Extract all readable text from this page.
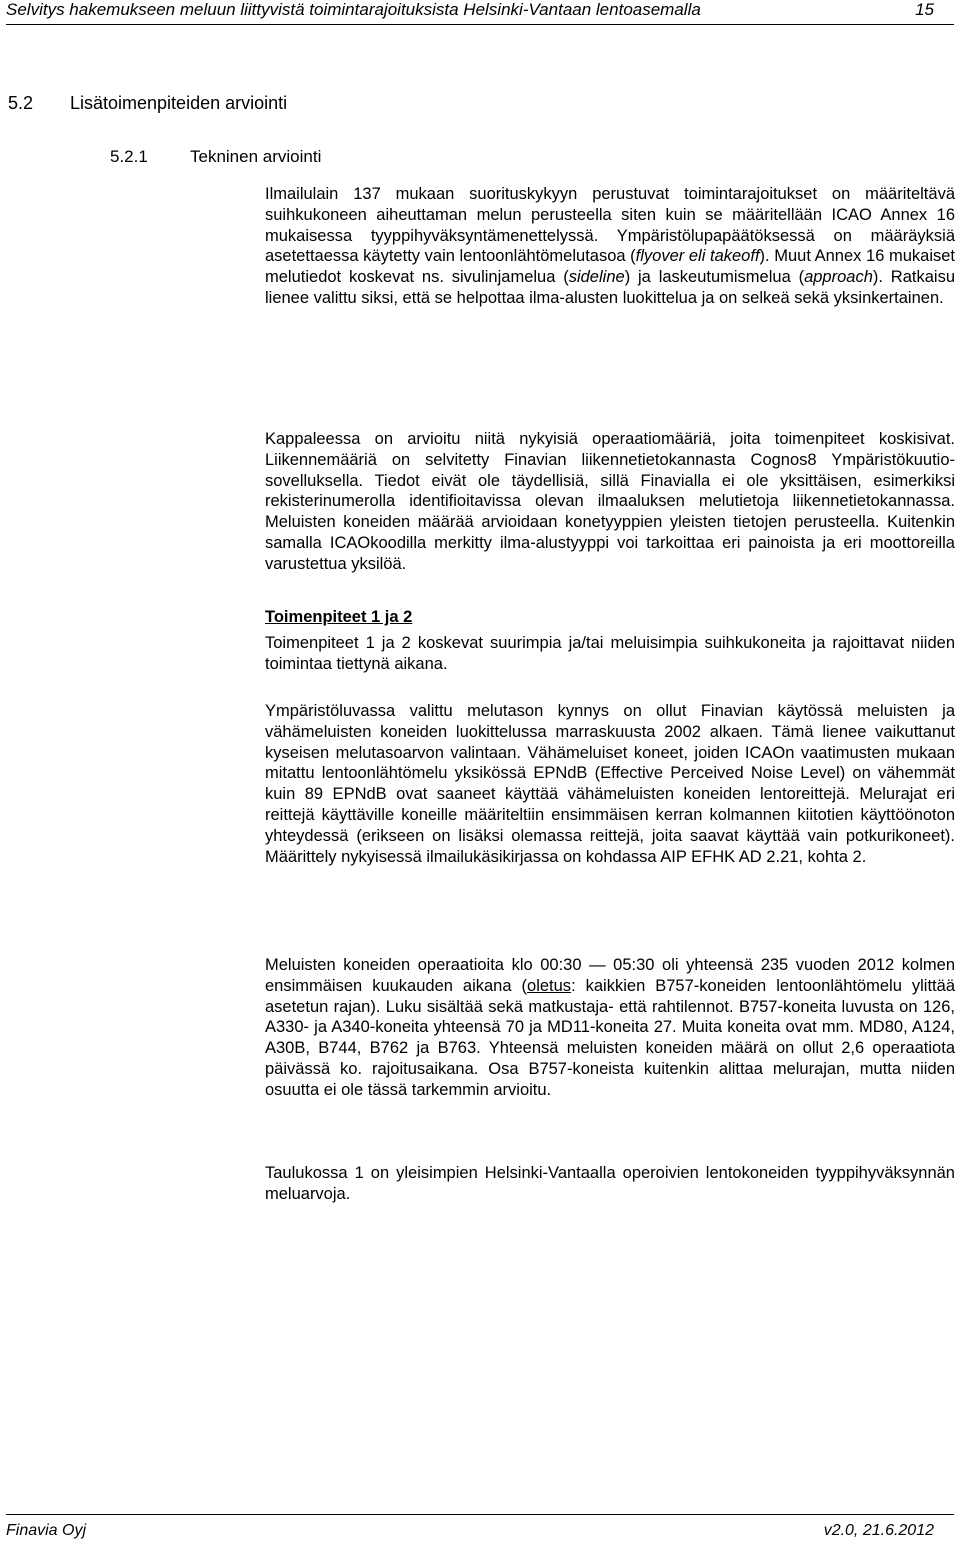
Selvitys hakemukseen meluun liittyvistä toimintarajoituksista Helsinki-Vantaan lentoasemalla	15
5.2 Lisätoimenpiteiden arviointi
5.2.1 Tekninen arviointi

Ilmailulain 137 mukaan suorituskykyyn perustuvat toimintarajoitukset on määriteltävä suihkukoneen aiheuttaman melun perusteella siten kuin se määritellään ICAO Annex 16 mukaisessa tyyppihyväksyntämenettelyssä. Ympäristölupapäätöksessä on määräyksiä asetettaessa käytetty vain lentoonlähtömelutasoa (flyover eli takeoff). Muut Annex 16 mukaiset melutiedot koskevat ns. sivulinjamelua (sideline) ja laskeutumismelua (approach). Ratkaisu lienee valittu siksi, että se helpottaa ilma-alusten luokittelua ja on selkeä sekä yksinkertainen.

Kappaleessa on arvioitu niitä nykyisiä operaatiomääriä, joita toimenpiteet koskisivat. Liikennemääriä on selvitetty Finavian liikennetietokannasta Cognos8 Ympäristökuutio-sovelluksella. Tiedot eivät ole täydellisiä, sillä Finavialla ei ole yksittäisen, esimerkiksi rekisterinumerolla identifioitavissa olevan ilmaaluksen melutietoja liikennetietokannassa. Meluisten koneiden määrää arvioidaan konetyyppien yleisten tietojen perusteella. Kuitenkin samalla ICAOkoodilla merkitty ilma-alustyyppi voi tarkoittaa eri painoista ja eri moottoreilla varustettua yksilöä.

Toimenpiteet 1 ja 2

Toimenpiteet 1 ja 2 koskevat suurimpia ja/tai meluisimpia suihkukoneita ja rajoittavat niiden toimintaa tiettynä aikana.

Ympäristöluvassa valittu melutason kynnys on ollut Finavian käytössä meluisten ja vähämeluisten koneiden luokittelussa marraskuusta 2002 alkaen. Tämä lienee vaikuttanut kyseisen melutasoarvon valintaan. Vähämeluiset koneet, joiden ICAOn vaatimusten mukaan mitattu lentoonlähtömelu yksikössä EPNdB (Effective Perceived Noise Level) on vähemmät kuin 89 EPNdB ovat saaneet käyttää vähämeluisten koneiden lentoreittejä. Melurajat eri reittejä käyttäville koneille määriteltiin ensimmäisen kerran kolmannen kiitotien käyttöönoton yhteydessä (erikseen on lisäksi olemassa reittejä, joita saavat käyttää vain potkurikoneet). Määrittely nykyisessä ilmailukäsikirjassa on kohdassa AIP EFHK AD 2.21, kohta 2.

Meluisten koneiden operaatioita klo 00:30 — 05:30 oli yhteensä 235 vuoden 2012 kolmen ensimmäisen kuukauden aikana (oletus: kaikkien B757-koneiden lentoonlähtömelu ylittää asetetun rajan). Luku sisältää sekä matkustaja- että rahtilennot. B757-koneita luvusta on 126, A330- ja A340-koneita yhteensä 70 ja MD11-koneita 27. Muita koneita ovat mm. MD80, A124, A30B, B744, B762 ja B763. Yhteensä meluisten koneiden määrä on ollut 2,6 operaatiota päivässä ko. rajoitusaikana. Osa B757-koneista kuitenkin alittaa melurajan, mutta niiden osuutta ei ole tässä tarkemmin arvioitu.

Taulukossa 1 on yleisimpien Helsinki-Vantaalla operoivien lentokoneiden tyyppihyväksynnän meluarvoja.

Finavia Oyj	v2.0, 21.6.2012
